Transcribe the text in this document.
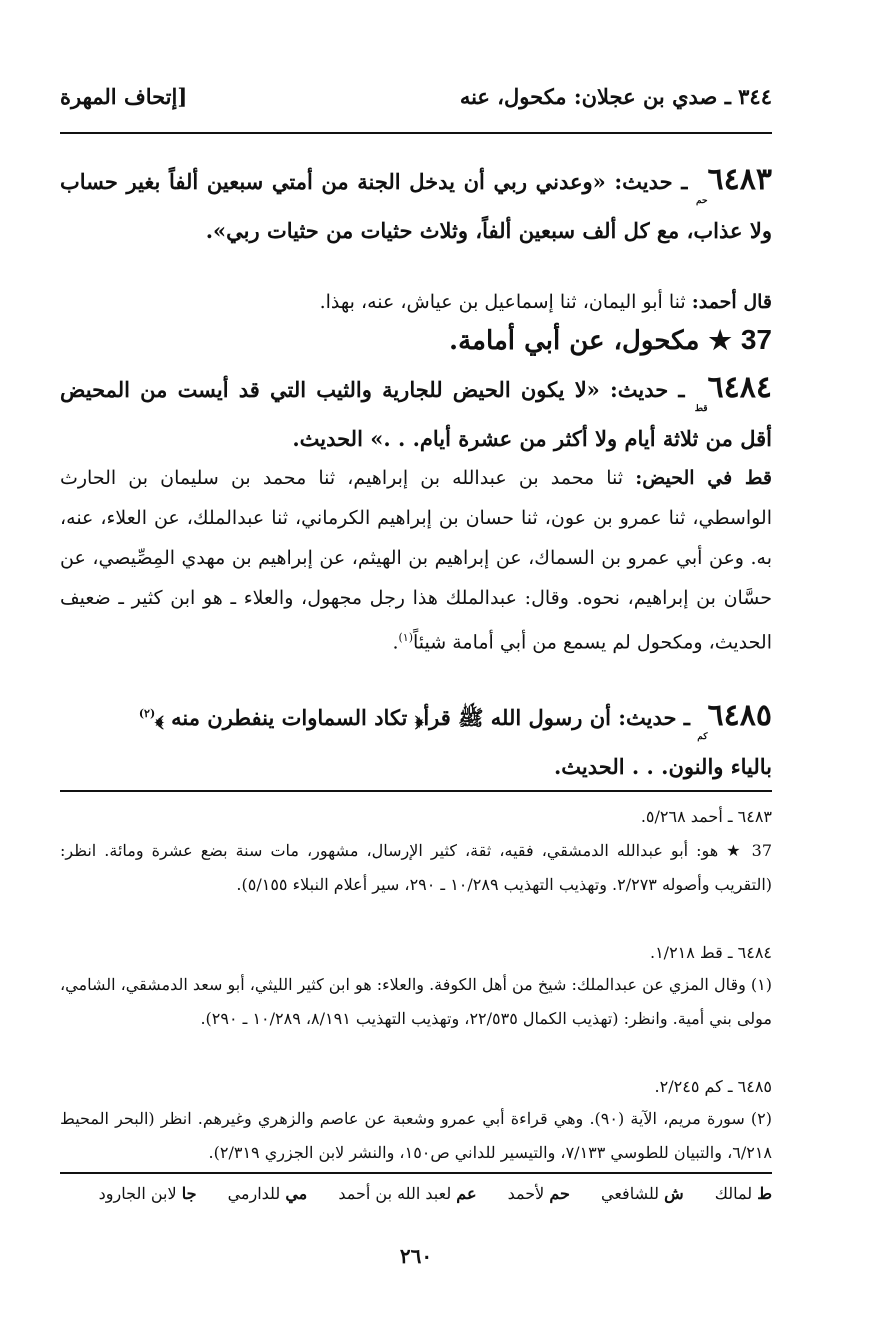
٣٤٤ ـ صدي بن عجلان: مكحول، عنه
[إتحاف المهرة
$٦٤٨٣_{حم}$ ـ حديث: «وعدني ربي أن يدخل الجنة من أمتي سبعين ألفاً بغير حساب ولا عذاب، مع كل ألف سبعين ألفاً، وثلاث حثيات من حثيات ربي».
قال أحمد: ثنا أبو اليمان، ثنا إسماعيل بن عياش، عنه، بهذا.
37 ★ مكحول، عن أبي أمامة.
$٦٤٨٤_{قط}$ ـ حديث: «لا يكون الحيض للجارية والثيب التي قد أيست من المحيض أقل من ثلاثة أيام ولا أكثر من عشرة أيام. . .» الحديث.
قط في الحيض: ثنا محمد بن عبدالله بن إبراهيم، ثنا محمد بن سليمان بن الحارث الواسطي، ثنا عمرو بن عون، ثنا حسان بن إبراهيم الكرماني، ثنا عبدالملك، عن العلاء، عنه، به. وعن أبي عمرو بن السماك، عن إبراهيم بن الهيثم، عن إبراهيم بن مهدي المِصِّيصي، عن حسَّان بن إبراهيم، نحوه. وقال: عبدالملك هذا رجل مجهول، والعلاء ـ هو ابن كثير ـ ضعيف الحديث، ومكحول لم يسمع من أبي أمامة شيئاً$^{(١)}$.
$٦٤٨٥_{كم}$ ـ حديث: أن رسول الله ﷺ قرأ﴿ تكاد السماوات ينفطرن منه ﴾$^{(٢)}$
بالياء والنون. . . الحديث.
٦٤٨٣ ـ أحمد ٥/٢٦٨.
37 ★ هو: أبو عبدالله الدمشقي، فقيه، ثقة، كثير الإرسال، مشهور، مات سنة بضع عشرة ومائة. انظر: (التقريب وأصوله ٢/٢٧٣. وتهذيب التهذيب ١٠/٢٨٩ ـ ٢٩٠، سير أعلام النبلاء ٥/١٥٥).
٦٤٨٤ ـ قط ١/٢١٨.
(١) وقال المزي عن عبدالملك: شيخ من أهل الكوفة. والعلاء: هو ابن كثير الليثي، أبو سعد الدمشقي، الشامي، مولى بني أمية. وانظر: (تهذيب الكمال ٢٢/٥٣٥، وتهذيب التهذيب ٨/١٩١، ١٠/٢٨٩ ـ ٢٩٠).
٦٤٨٥ ـ كم ٢/٢٤٥.
(٢) سورة مريم، الآية (٩٠). وهي قراءة أبي عمرو وشعبة عن عاصم والزهري وغيرهم. انظر (البحر المحيط ٦/٢١٨، والتبيان للطوسي ٧/١٣٣، والتيسير للداني ص١٥٠، والنشر لابن الجزري ٢/٣١٩).
ط لمالك ش للشافعي حم لأحمد عم لعبد الله بن أحمد مي للدارمي جا لابن الجارود
٢٦٠
